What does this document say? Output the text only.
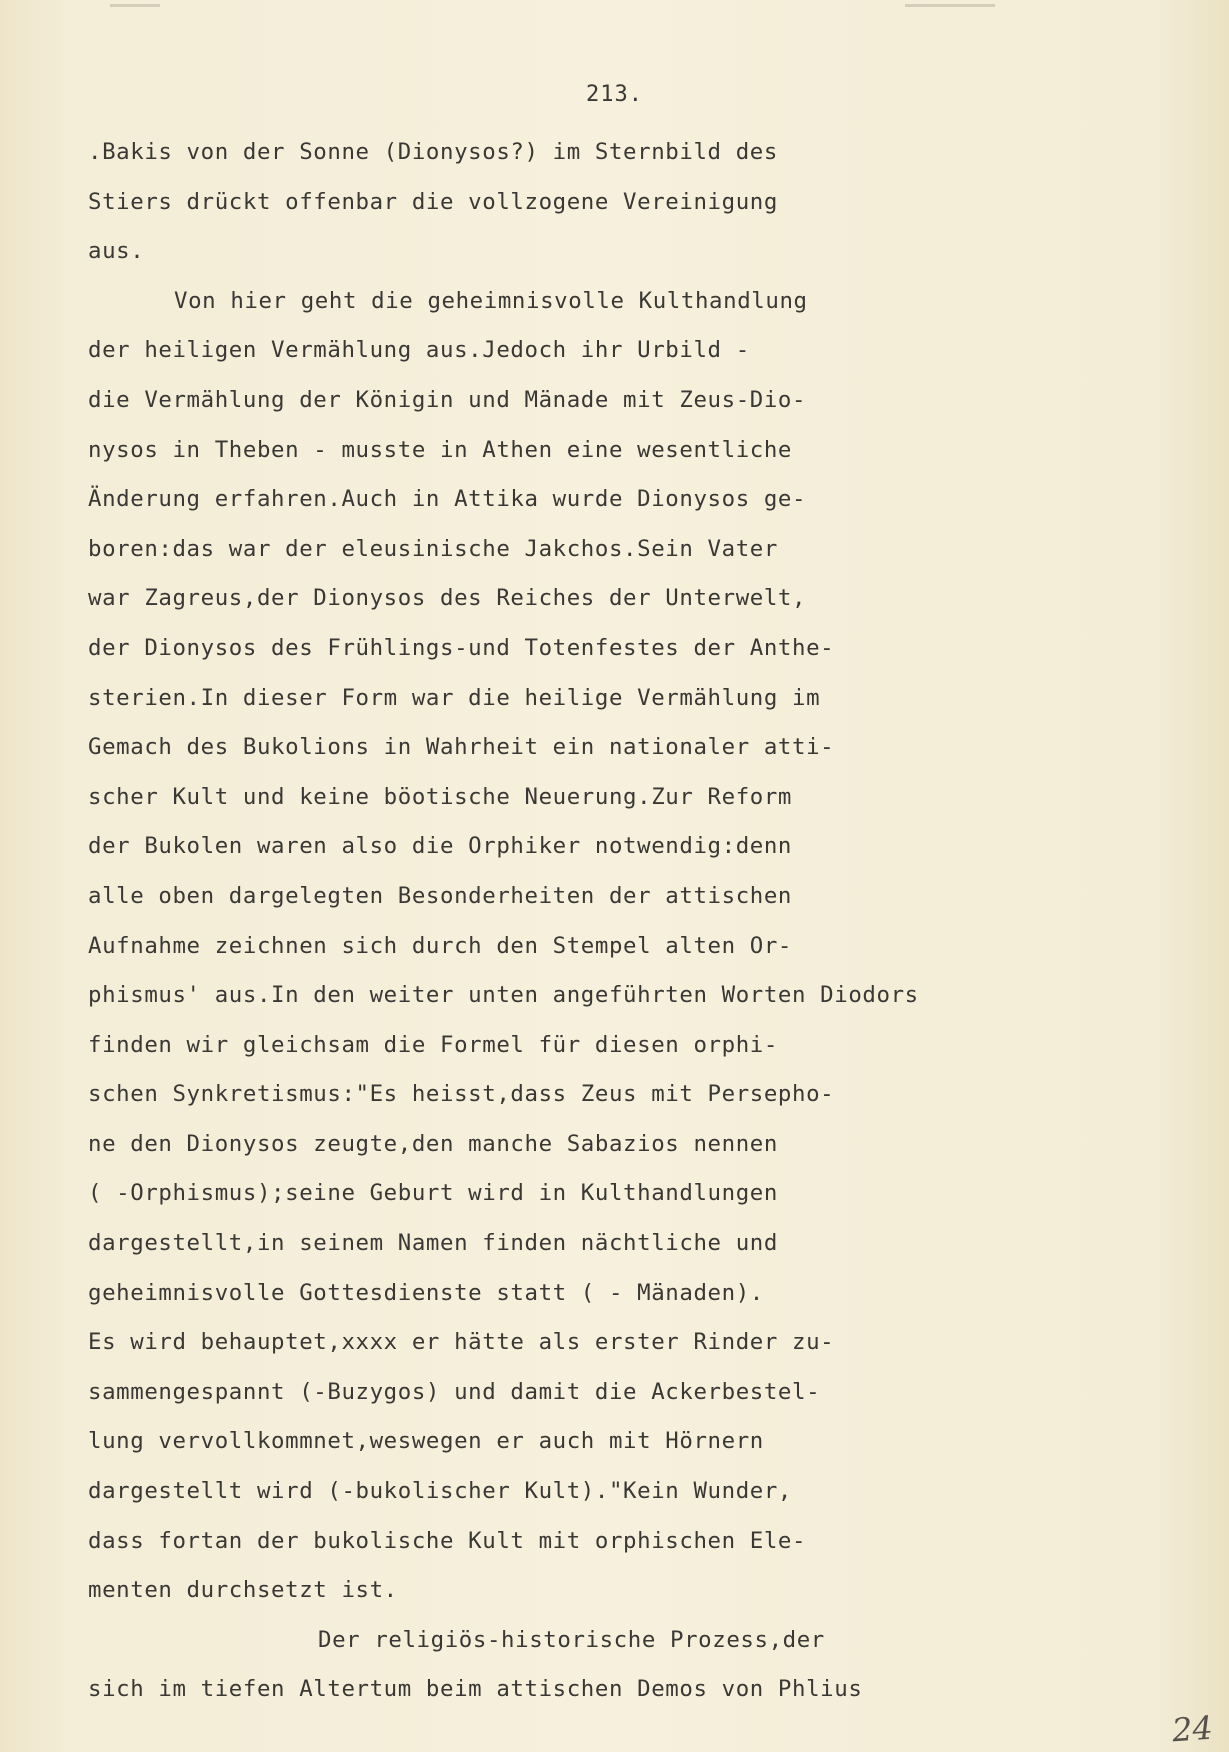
213.
.Bakis von der Sonne (Dionysos?) im Sternbild des
Stiers drückt offenbar die vollzogene Vereinigung
aus.
Von hier geht die geheimnisvolle Kulthandlung
der heiligen Vermählung aus.Jedoch ihr Urbild -
die Vermählung der Königin und Mänade mit Zeus-Dio-
nysos in Theben - musste in Athen eine wesentliche
Änderung erfahren.Auch in Attika wurde Dionysos ge-
boren:das war der eleusinische Jakchos.Sein Vater
war Zagreus,der Dionysos des Reiches der Unterwelt,
der Dionysos des Frühlings-und Totenfestes der Anthe-
sterien.In dieser Form war die heilige Vermählung im
Gemach des Bukolions in Wahrheit ein nationaler atti-
scher Kult und keine böotische Neuerung.Zur Reform
der Bukolen waren also die Orphiker notwendig:denn
alle oben dargelegten Besonderheiten der attischen
Aufnahme zeichnen sich durch den Stempel alten Or-
phismus' aus.In den weiter unten angeführten Worten Diodors
finden wir gleichsam die Formel für diesen orphi-
schen Synkretismus:"Es heisst,dass Zeus mit Persepho-
ne den Dionysos zeugte,den manche Sabazios nennen
( -Orphismus);seine Geburt wird in Kulthandlungen
dargestellt,in seinem Namen finden nächtliche und
geheimnisvolle Gottesdienste statt ( - Mänaden).
Es wird behauptet,xxxx er hätte als erster Rinder zu-
sammengespannt (-Buzygos) und damit die Ackerbestel-
lung vervollkommnet,weswegen er auch mit Hörnern
dargestellt wird (-bukolischer Kult)."Kein Wunder,
dass fortan der bukolische Kult mit orphischen Ele-
menten durchsetzt ist.
Der religiös-historische Prozess,der
sich im tiefen Altertum beim attischen Demos von Phlius
24
